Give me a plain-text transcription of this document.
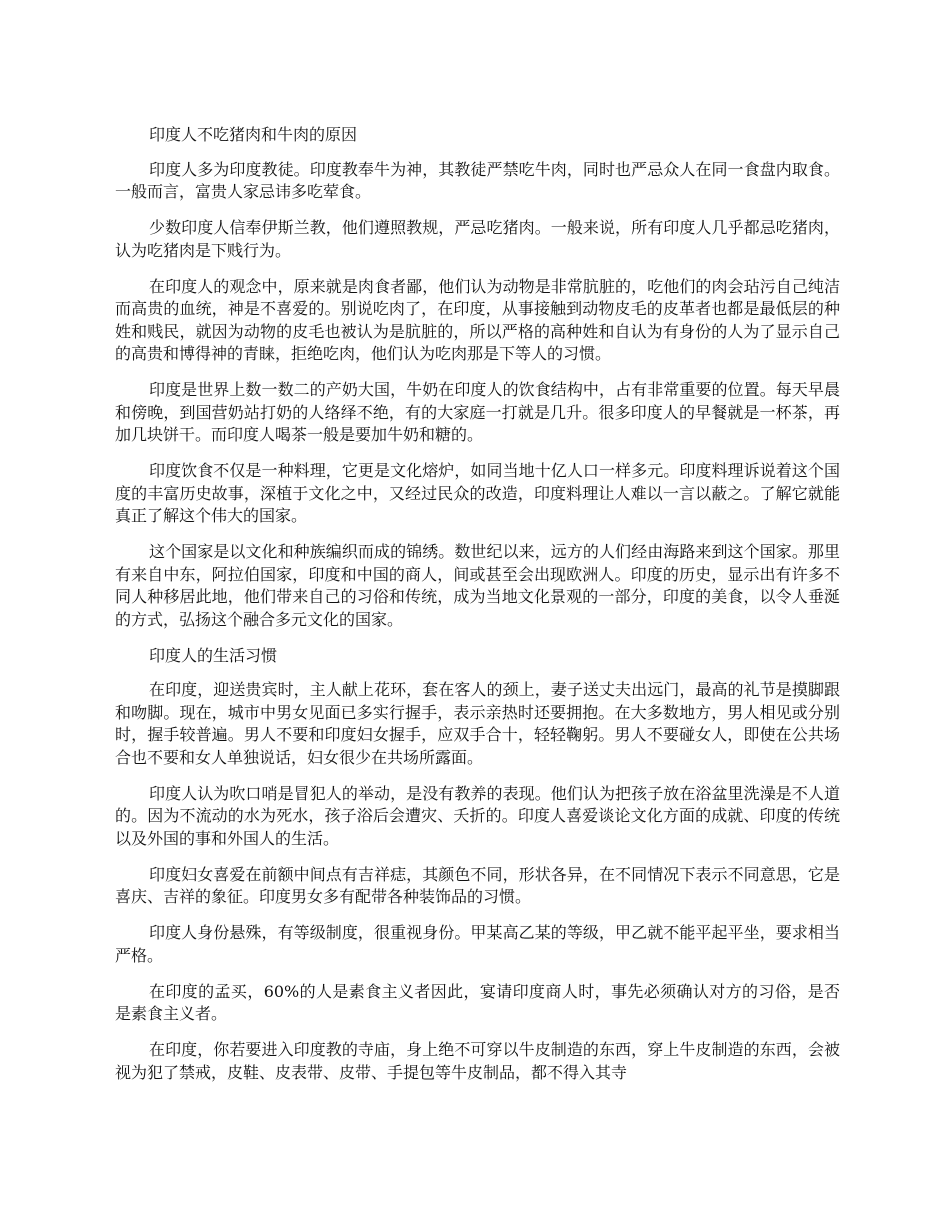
印度人不吃猪肉和牛肉的原因

印度人多为印度教徒。印度教奉牛为神，其教徒严禁吃牛肉，同时也严忌众人在同一食盘内取食。一般而言，富贵人家忌讳多吃荤食。

少数印度人信奉伊斯兰教，他们遵照教规，严忌吃猪肉。一般来说，所有印度人几乎都忌吃猪肉，认为吃猪肉是下贱行为。

在印度人的观念中，原来就是肉食者鄙，他们认为动物是非常肮脏的，吃他们的肉会玷污自己纯洁而高贵的血统，神是不喜爱的。别说吃肉了，在印度，从事接触到动物皮毛的皮革者也都是最低层的种姓和贱民，就因为动物的皮毛也被认为是肮脏的，所以严格的高种姓和自认为有身份的人为了显示自己的高贵和博得神的青睐，拒绝吃肉，他们认为吃肉那是下等人的习惯。

印度是世界上数一数二的产奶大国，牛奶在印度人的饮食结构中，占有非常重要的位置。每天早晨和傍晚，到国营奶站打奶的人络绎不绝，有的大家庭一打就是几升。很多印度人的早餐就是一杯茶，再加几块饼干。而印度人喝茶一般是要加牛奶和糖的。

印度饮食不仅是一种料理，它更是文化熔炉，如同当地十亿人口一样多元。印度料理诉说着这个国度的丰富历史故事，深植于文化之中，又经过民众的改造，印度料理让人难以一言以蔽之。了解它就能真正了解这个伟大的国家。

这个国家是以文化和种族编织而成的锦绣。数世纪以来，远方的人们经由海路来到这个国家。那里有来自中东，阿拉伯国家，印度和中国的商人，间或甚至会出现欧洲人。印度的历史，显示出有许多不同人种移居此地，他们带来自己的习俗和传统，成为当地文化景观的一部分，印度的美食，以令人垂涎的方式，弘扬这个融合多元文化的国家。

印度人的生活习惯

在印度，迎送贵宾时，主人献上花环，套在客人的颈上，妻子送丈夫出远门，最高的礼节是摸脚跟和吻脚。现在，城市中男女见面已多实行握手，表示亲热时还要拥抱。在大多数地方，男人相见或分别时，握手较普遍。男人不要和印度妇女握手，应双手合十，轻轻鞠躬。男人不要碰女人，即使在公共场合也不要和女人单独说话，妇女很少在共场所露面。

印度人认为吹口哨是冒犯人的举动，是没有教养的表现。他们认为把孩子放在浴盆里洗澡是不人道的。因为不流动的水为死水，孩子浴后会遭灾、夭折的。印度人喜爱谈论文化方面的成就、印度的传统以及外国的事和外国人的生活。

印度妇女喜爱在前额中间点有吉祥痣，其颜色不同，形状各异，在不同情况下表示不同意思，它是喜庆、吉祥的象征。印度男女多有配带各种装饰品的习惯。

印度人身份悬殊，有等级制度，很重视身份。甲某高乙某的等级，甲乙就不能平起平坐，要求相当严格。

在印度的孟买，60%的人是素食主义者因此，宴请印度商人时，事先必须确认对方的习俗，是否是素食主义者。

在印度，你若要进入印度教的寺庙，身上绝不可穿以牛皮制造的东西，穿上牛皮制造的东西，会被视为犯了禁戒，皮鞋、皮表带、皮带、手提包等牛皮制品，都不得入其寺
